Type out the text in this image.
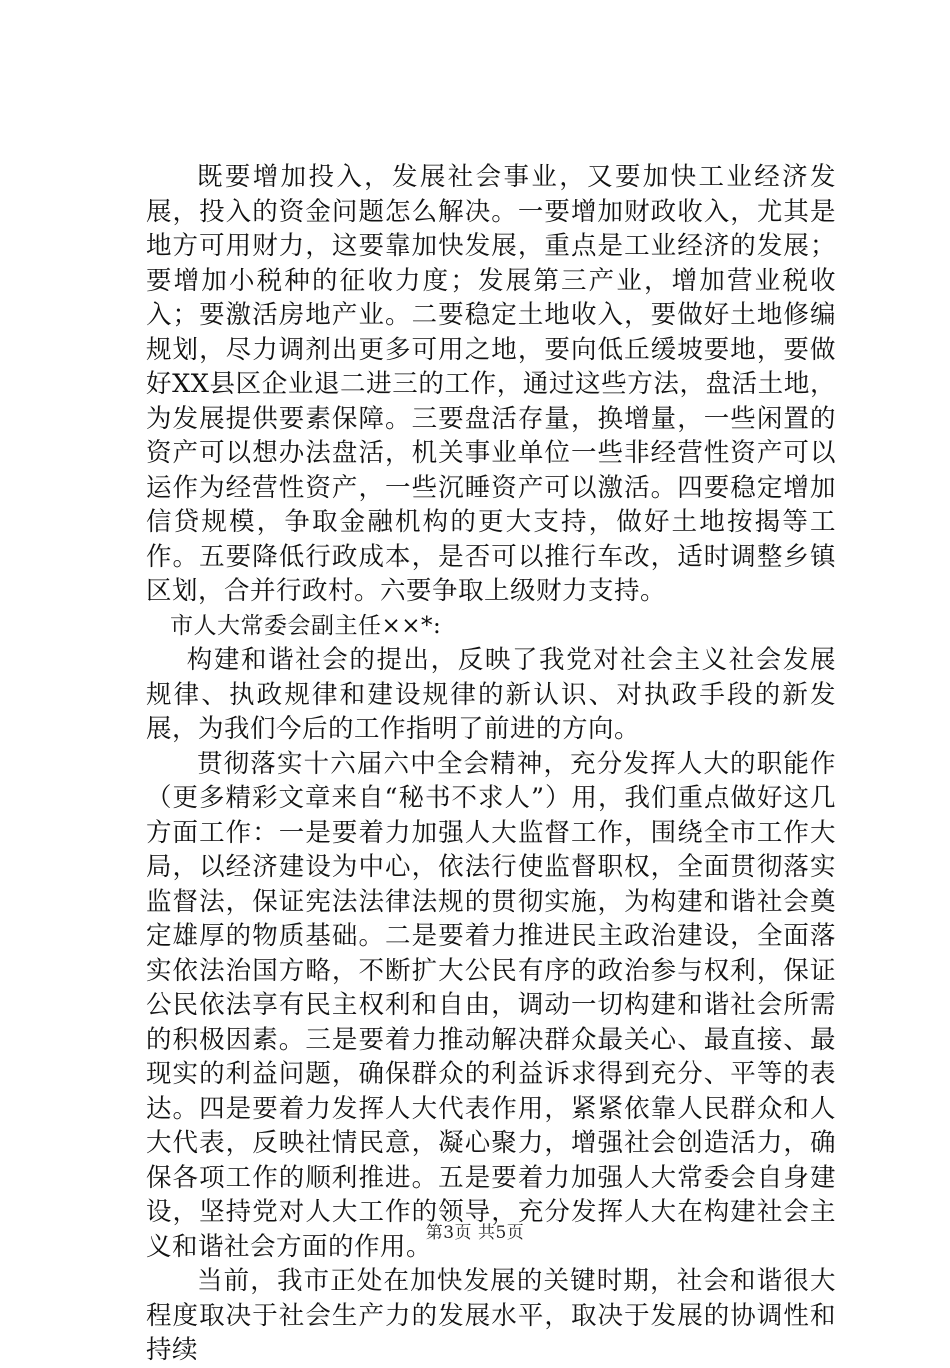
既要增加投入，发展社会事业，又要加快工业经济发展，投入的资金问题怎么解决。一要增加财政收入，尤其是地方可用财力，这要靠加快发展，重点是工业经济的发展；要增加小税种的征收力度；发展第三产业，增加营业税收入；要激活房地产业。二要稳定土地收入，要做好土地修编规划，尽力调剂出更多可用之地，要向低丘缓坡要地，要做好XX县区企业退二进三的工作，通过这些方法，盘活土地，为发展提供要素保障。三要盘活存量，换增量，一些闲置的资产可以想办法盘活，机关事业单位一些非经营性资产可以运作为经营性资产，一些沉睡资产可以激活。四要稳定增加信贷规模，争取金融机构的更大支持，做好土地按揭等工作。五要降低行政成本，是否可以推行车改，适时调整乡镇区划，合并行政村。六要争取上级财力支持。

市人大常委会副主任××*:

构建和谐社会的提出，反映了我党对社会主义社会发展规律、执政规律和建设规律的新认识、对执政手段的新发展，为我们今后的工作指明了前进的方向。

贯彻落实十六届六中全会精神，充分发挥人大的职能作（更多精彩文章来自“秘书不求人”）用，我们重点做好这几方面工作：一是要着力加强人大监督工作，围绕全市工作大局，以经济建设为中心，依法行使监督职权，全面贯彻落实监督法，保证宪法法律法规的贯彻实施，为构建和谐社会奠定雄厚的物质基础。二是要着力推进民主政治建设，全面落实依法治国方略，不断扩大公民有序的政治参与权利，保证公民依法享有民主权利和自由，调动一切构建和谐社会所需的积极因素。三是要着力推动解决群众最关心、最直接、最现实的利益问题，确保群众的利益诉求得到充分、平等的表达。四是要着力发挥人大代表作用，紧紧依靠人民群众和人大代表，反映社情民意，凝心聚力，增强社会创造活力，确保各项工作的顺利推进。五是要着力加强人大常委会自身建设，坚持党对人大工作的领导，充分发挥人大在构建社会主义和谐社会方面的作用。

当前，我市正处在加快发展的关键时期，社会和谐很大程度取决于社会生产力的发展水平，取决于发展的协调性和持续

第3页 共5页
